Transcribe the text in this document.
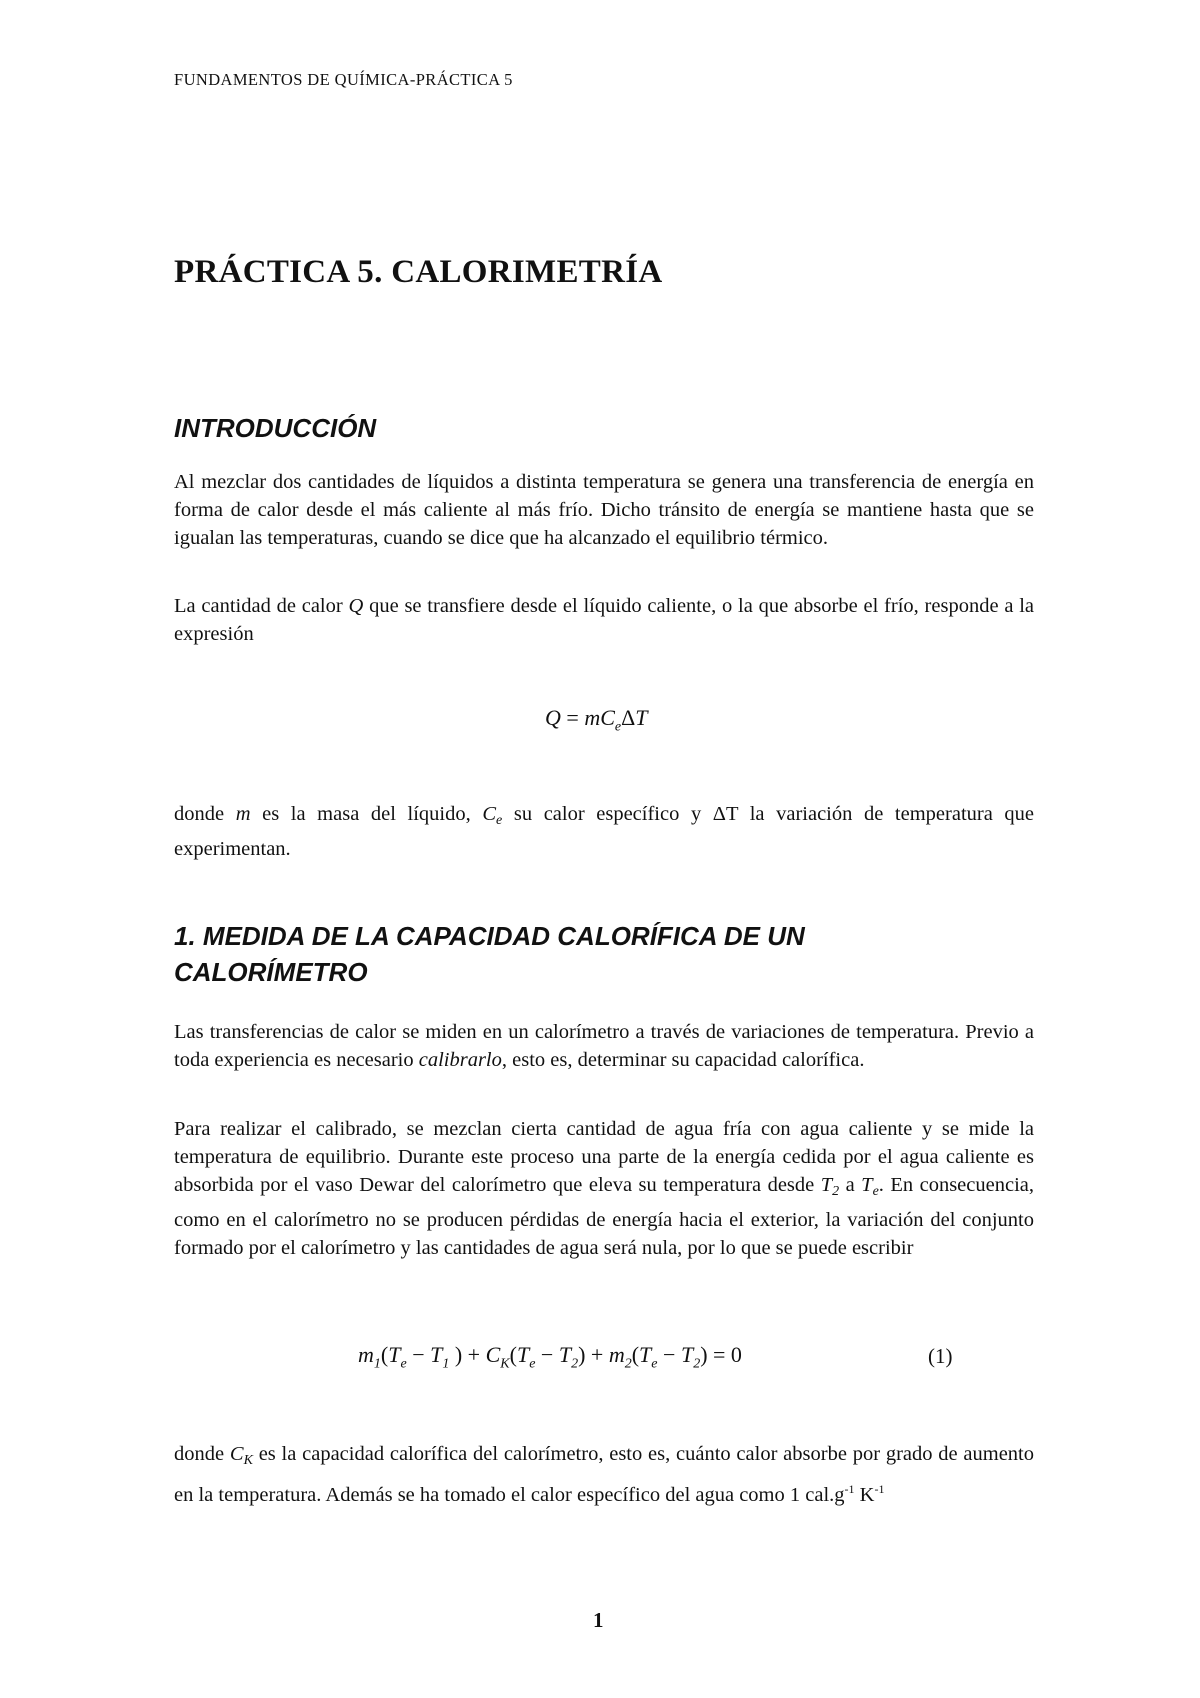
FUNDAMENTOS DE QUÍMICA-PRÁCTICA 5
PRÁCTICA 5. CALORIMETRÍA
INTRODUCCIÓN

Al mezclar dos cantidades de líquidos a distinta temperatura se genera una transferencia de energía en forma de calor desde el más caliente al más frío. Dicho tránsito de energía se mantiene hasta que se igualan las temperaturas, cuando se dice que ha alcanzado el equilibrio térmico.

La cantidad de calor Q que se transfiere desde el líquido caliente, o la que absorbe el frío, responde a la expresión

$Q = mC_e\Delta T$

donde m es la masa del líquido, Ce su calor específico y ΔT la variación de temperatura que experimentan.

1. MEDIDA DE LA CAPACIDAD CALORÍFICA DE UN
CALORÍMETRO

Las transferencias de calor se miden en un calorímetro a través de variaciones de temperatura. Previo a toda experiencia es necesario calibrarlo, esto es, determinar su capacidad calorífica.

Para realizar el calibrado, se mezclan cierta cantidad de agua fría con agua caliente y se mide la temperatura de equilibrio. Durante este proceso una parte de la energía cedida por el agua caliente es absorbida por el vaso Dewar del calorímetro que eleva su temperatura desde T2 a Te. En consecuencia, como en el calorímetro no se producen pérdidas de energía hacia el exterior, la variación del conjunto formado por el calorímetro y las cantidades de agua será nula, por lo que se puede escribir

$m_1(T_e - T_1$ ) + $C_K(T_e - T_2) + m_2(T_e - T_2) = 0$	(1)

donde CK es la capacidad calorífica del calorímetro, esto es, cuánto calor absorbe por grado de aumento en la temperatura. Además se ha tomado el calor específico del agua como 1 $cal.g^{-1}$ $K^{-1}$

1
